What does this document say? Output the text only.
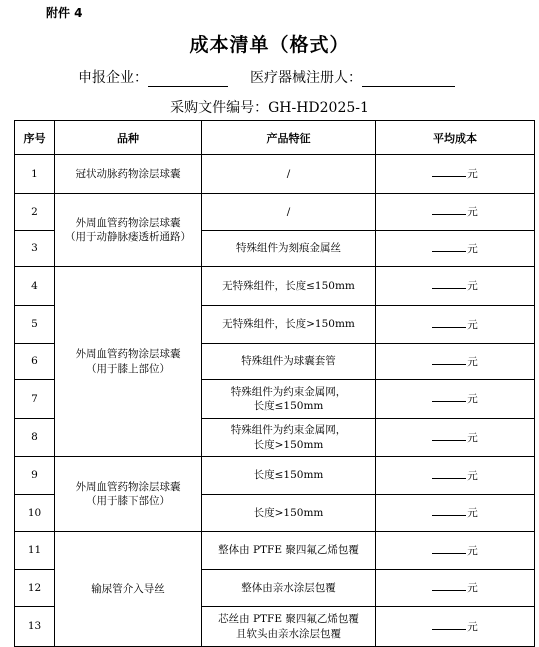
附件 4
成本清单（格式）
申报企业：	医疗器械注册人：
采购文件编号：GH-HD2025-1
序号	品种	产品特征	平均成本
1	冠状动脉药物涂层球囊	/	元
2	外周血管药物涂层球囊
（用于动静脉瘘透析通路）	/	元
3		特殊组件为刻痕金属丝	元
4	外周血管药物涂层球囊
（用于膝上部位）	无特殊组件，长度≤150mm	元
5		无特殊组件，长度>150mm	元
6		特殊组件为球囊套管	元
7		特殊组件为约束金属网，
长度≤150mm	元
8		特殊组件为约束金属网，
长度>150mm	元
9	外周血管药物涂层球囊
（用于膝下部位）	长度≤150mm	元
10		长度>150mm	元
11	输尿管介入导丝	整体由 PTFE 聚四氟乙烯包覆	元
12		整体由亲水涂层包覆	元
13		芯丝由 PTFE 聚四氟乙烯包覆
且软头由亲水涂层包覆	元
